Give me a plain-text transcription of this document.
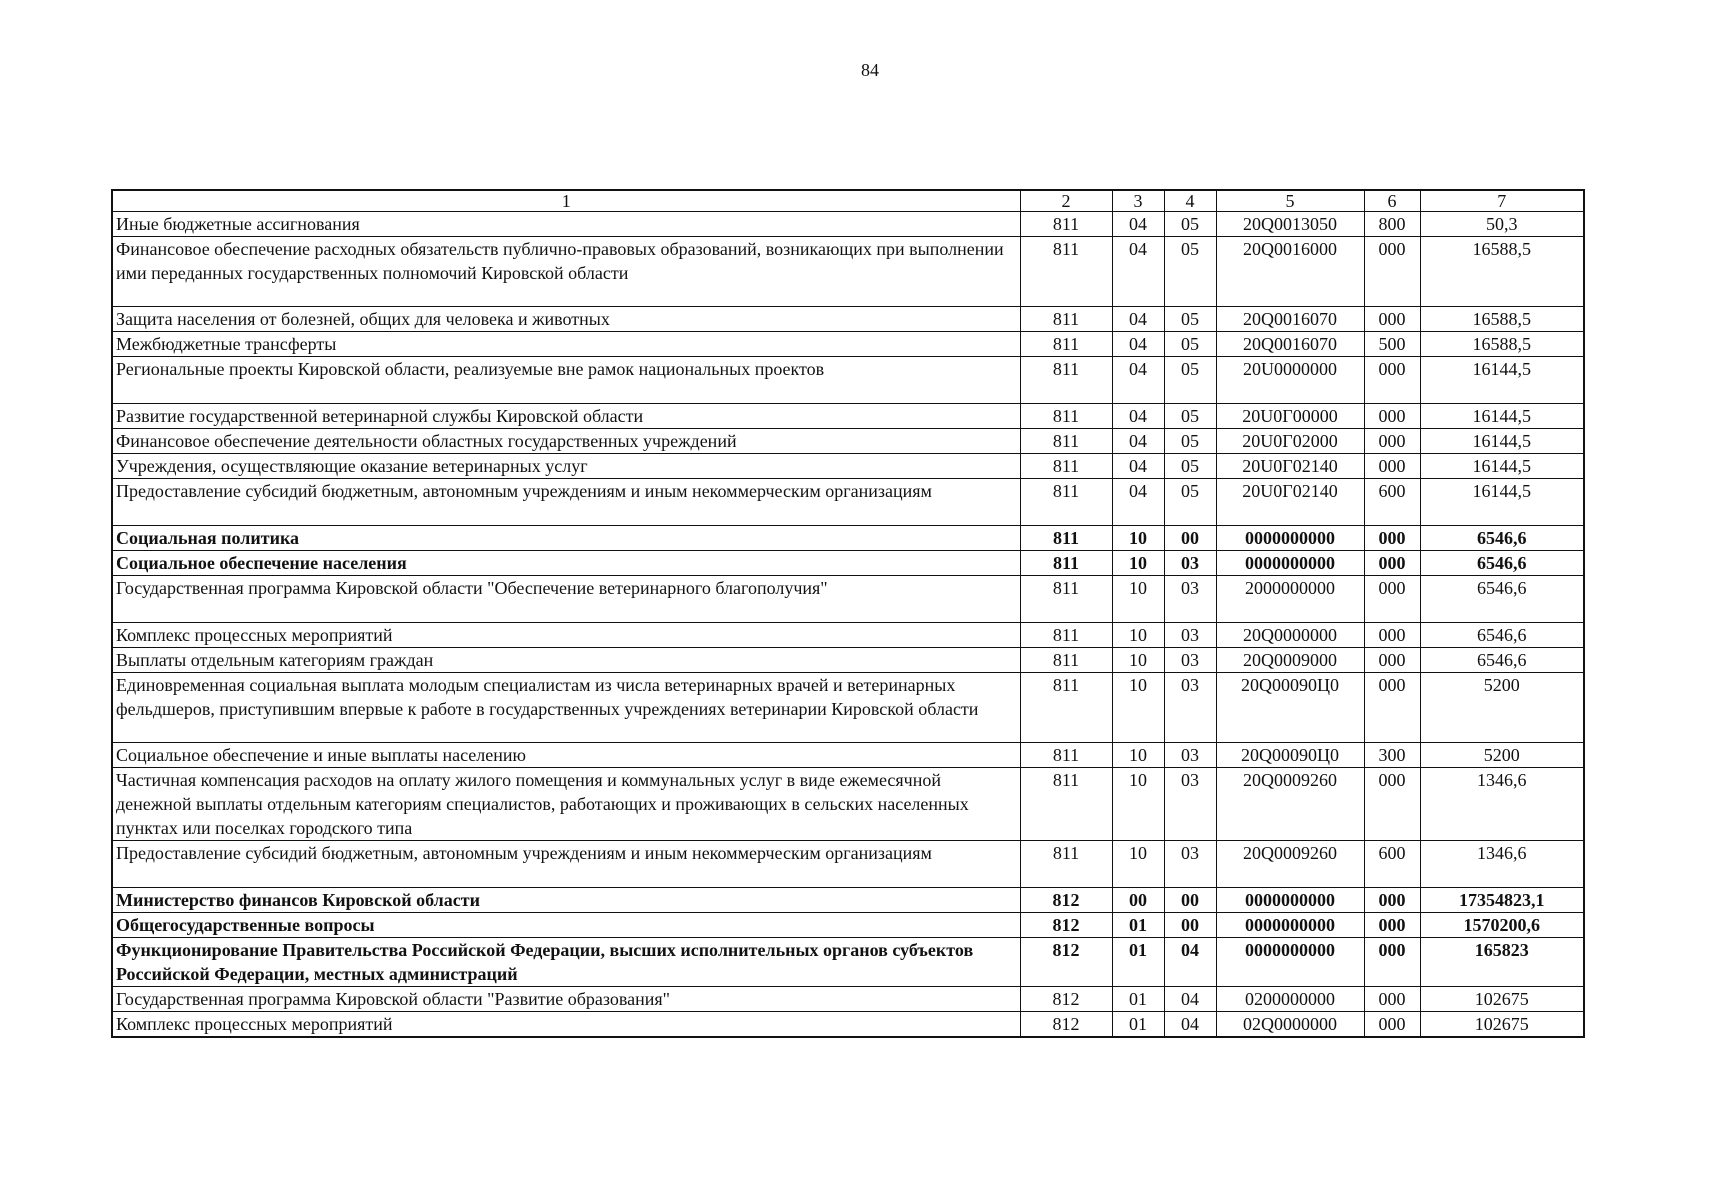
84
1	2	3	4	5	6	7
Иные бюджетные ассигнования	811	04	05	20Q0013050	800	50,3
Финансовое обеспечение расходных обязательств публично-правовых образований, возникающих при выполнении ими переданных государственных полномочий Кировской области	811	04	05	20Q0016000	000	16588,5
Защита населения от болезней, общих для человека и животных	811	04	05	20Q0016070	000	16588,5
Межбюджетные трансферты	811	04	05	20Q0016070	500	16588,5
Региональные проекты Кировской области, реализуемые вне рамок национальных проектов	811	04	05	20U0000000	000	16144,5
Развитие государственной ветеринарной службы Кировской области	811	04	05	20U0Г00000	000	16144,5
Финансовое обеспечение деятельности областных государственных учреждений	811	04	05	20U0Г02000	000	16144,5
Учреждения, осуществляющие оказание ветеринарных услуг	811	04	05	20U0Г02140	000	16144,5
Предоставление субсидий бюджетным, автономным учреждениям и иным некоммерческим организациям	811	04	05	20U0Г02140	600	16144,5
Социальная политика	811	10	00	0000000000	000	6546,6
Социальное обеспечение населения	811	10	03	0000000000	000	6546,6
Государственная программа Кировской области "Обеспечение ветеринарного благополучия"	811	10	03	2000000000	000	6546,6
Комплекс процессных мероприятий	811	10	03	20Q0000000	000	6546,6
Выплаты отдельным категориям граждан	811	10	03	20Q0009000	000	6546,6
Единовременная социальная выплата молодым специалистам из числа ветеринарных врачей и ветеринарных фельдшеров, приступившим впервые к работе в государственных учреждениях ветеринарии Кировской области	811	10	03	20Q00090Ц0	000	5200
Социальное обеспечение и иные выплаты населению	811	10	03	20Q00090Ц0	300	5200
Частичная компенсация расходов на оплату жилого помещения и коммунальных услуг в виде ежемесячной денежной выплаты отдельным категориям специалистов, работающих и проживающих в сельских населенных пунктах или поселках городского типа	811	10	03	20Q0009260	000	1346,6
Предоставление субсидий бюджетным, автономным учреждениям и иным некоммерческим организациям	811	10	03	20Q0009260	600	1346,6
Министерство финансов Кировской области	812	00	00	0000000000	000	17354823,1
Общегосударственные вопросы	812	01	00	0000000000	000	1570200,6
Функционирование Правительства Российской Федерации, высших исполнительных органов субъектов Российской Федерации, местных администраций	812	01	04	0000000000	000	165823
Государственная программа Кировской области "Развитие образования"	812	01	04	0200000000	000	102675
Комплекс процессных мероприятий	812	01	04	02Q0000000	000	102675
